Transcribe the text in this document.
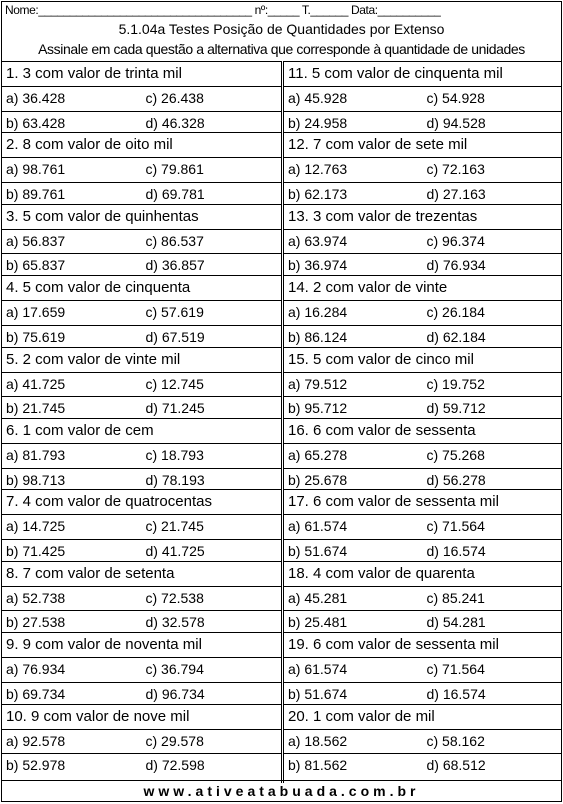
Nome:__________________________________ nº:_____ T.______ Data:__________
5.1.04a Testes Posição de Quantidades por Extenso
Assinale em cada questão a alternativa que corresponde à quantidade de unidades
1. 3 com valor de trinta mil
a) 36.428	c) 26.438
b) 63.428	d) 46.328
2. 8 com valor de oito mil
a) 98.761	c) 79.861
b) 89.761	d) 69.781
3. 5 com valor de quinhentas
a) 56.837	c) 86.537
b) 65.837	d) 36.857
4. 5 com valor de cinquenta
a) 17.659	c) 57.619
b) 75.619	d) 67.519
5. 2 com valor de vinte mil
a) 41.725	c) 12.745
b) 21.745	d) 71.245
6. 1 com valor de cem
a) 81.793	c) 18.793
b) 98.713	d) 78.193
7. 4 com valor de quatrocentas
a) 14.725	c) 21.745
b) 71.425	d) 41.725
8. 7 com valor de setenta
a) 52.738	c) 72.538
b) 27.538	d) 32.578
9. 9 com valor de noventa mil
a) 76.934	c) 36.794
b) 69.734	d) 96.734
10. 9 com valor de nove mil
a) 92.578	c) 29.578
b) 52.978	d) 72.598
11. 5 com valor de cinquenta mil
a) 45.928	c) 54.928
b) 24.958	d) 94.528
12. 7 com valor de sete mil
a) 12.763	c) 72.163
b) 62.173	d) 27.163
13. 3 com valor de trezentas
a) 63.974	c) 96.374
b) 36.974	d) 76.934
14. 2 com valor de vinte
a) 16.284	c) 26.184
b) 86.124	d) 62.184
15. 5 com valor de cinco mil
a) 79.512	c) 19.752
b) 95.712	d) 59.712
16. 6 com valor de sessenta
a) 65.278	c) 75.268
b) 25.678	d) 56.278
17. 6 com valor de sessenta mil
a) 61.574	c) 71.564
b) 51.674	d) 16.574
18. 4 com valor de quarenta
a) 45.281	c) 85.241
b) 25.481	d) 54.281
19. 6 com valor de sessenta mil
a) 61.574	c) 71.564
b) 51.674	d) 16.574
20. 1 com valor de mil
a) 18.562	c) 58.162
b) 81.562	d) 68.512
www.ativeatabuada.com.br
